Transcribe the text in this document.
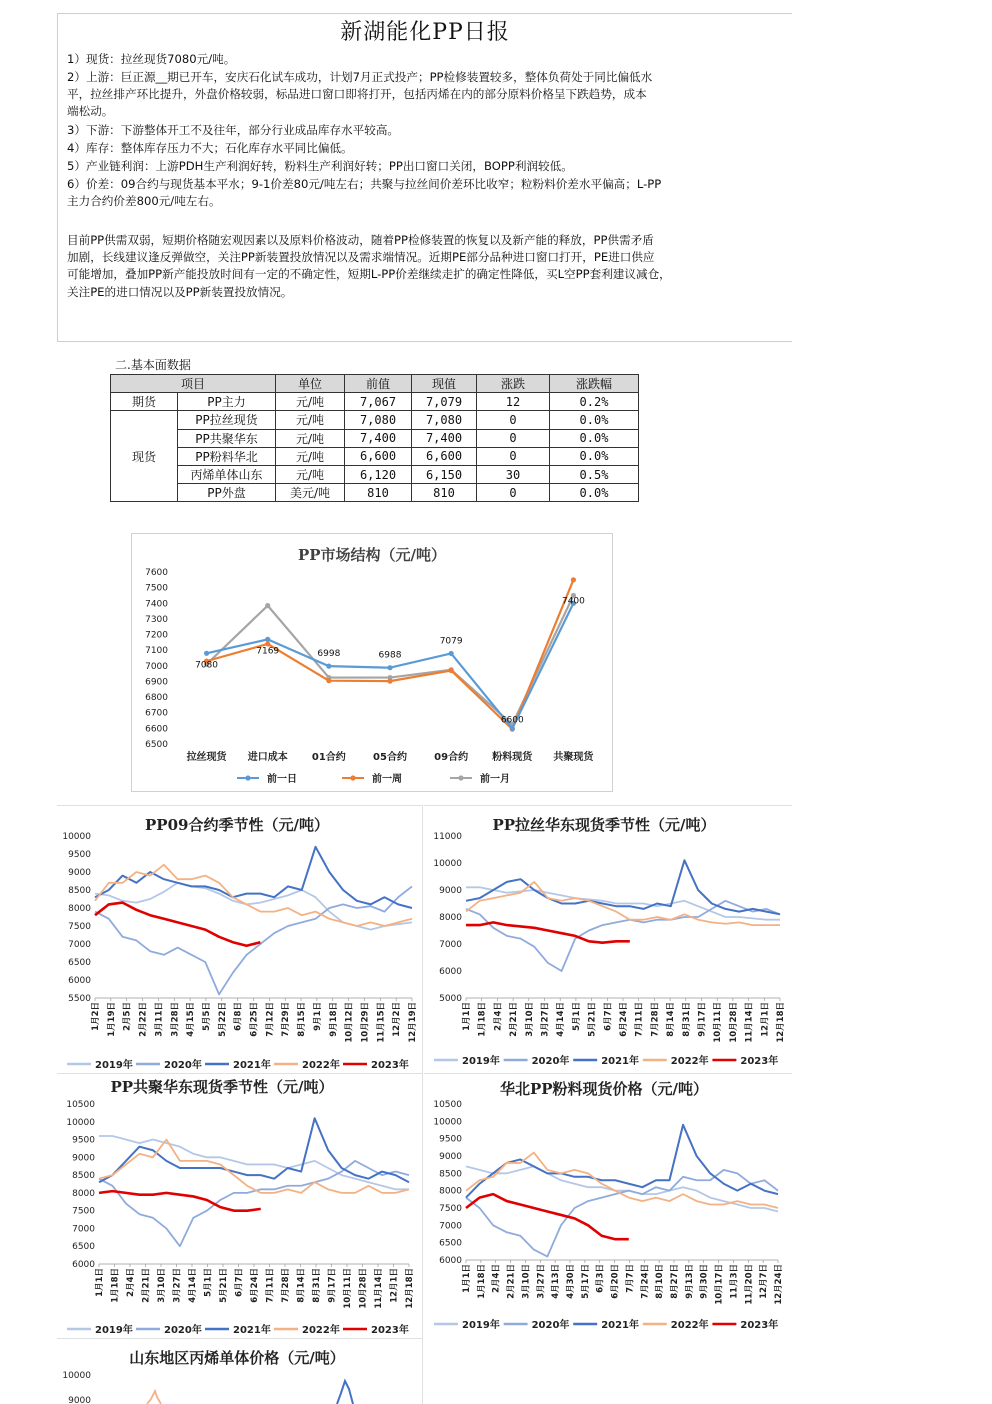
新湖能化PP日报
1）现货：拉丝现货7080元/吨。
2）上游：巨正源__期已开车，安庆石化试车成功，计划7月正式投产；PP检修装置较多，整体负荷处于同比偏低水
平，拉丝排产环比提升，外盘价格较弱，标品进口窗口即将打开，包括丙烯在内的部分原料价格呈下跌趋势，成本
端松动。
3）下游：下游整体开工不及往年，部分行业成品库存水平较高。
4）库存：整体库存压力不大；石化库存水平同比偏低。
5）产业链利润：上游PDH生产利润好转，粉料生产利润好转；PP出口窗口关闭，BOPP利润较低。
6）价差：09合约与现货基本平水；9-1价差80元/吨左右；共聚与拉丝间价差环比收窄；粒粉料价差水平偏高；L-PP
主力合约价差800元/吨左右。
目前PP供需双弱，短期价格随宏观因素以及原料价格波动，随着PP检修装置的恢复以及新产能的释放，PP供需矛盾
加剧，长线建议逢反弹做空，关注PP新装置投放情况以及需求端情况。近期PE部分品种进口窗口打开，PE进口供应
可能增加，叠加PP新产能投放时间有一定的不确定性，短期L-PP价差继续走扩的确定性降低，买L空PP套利建议减仓，
关注PE的进口情况以及PP新装置投放情况。
二.基本面数据
项目		单位	前值	现值	涨跌	涨跌幅
期货	PP主力	元/吨	7,067	7,079	12	0.2%
现货	PP拉丝现货	元/吨	7,080	7,080	0	0.0%
	PP共聚华东	元/吨	7,400	7,400	0	0.0%
	PP粉料华北	元/吨	6,600	6,600	0	0.0%
	丙烯单体山东	元/吨	6,120	6,150	30	0.5%
	PP外盘	美元/吨	810	810	0	0.0%
PP市场结构（元/吨）
6500
6600
6700
6800
6900
7000
7100
7200
7300
7400
7500
7600
拉丝现货 进口成本 01合约	05合约	09合约 粉料现货 共聚现货
7080
7169	6998	6988
7079
6600
7400
前一日	前一周	前一月
PP09合约季节性（元/吨）
5500
6000
6500
7000
7500
8000
8500
9000
9500
10000
1月2日 1月19日 2月5日 2月22日 3月11日 3月28日 4月15日 5月5日 5月22日 6月8日 6月25日 7月12日 7月29日 8月15日 9月1日 9月18日 10月12日 10月29日 11月15日 12月2日 12月19日
2019年	2020年	2021年	2022年	2023年
PP拉丝华东现货季节性（元/吨）
5000
6000
7000
8000
9000
10000
11000
1月1日 1月18日 2月4日 2月21日 3月10日 3月27日 4月14日 5月1日 5月21日 6月7日 6月24日 7月11日 7月28日 8月14日 8月31日 9月17日 10月11日 10月28日 11月14日 12月1日 12月18日
2019年	2020年	2021年	2022年	2023年
PP共聚华东现货季节性（元/吨）
6000
6500
7000
7500
8000
8500
9000
9500
10000
10500
1月1日 1月18日 2月4日 2月21日 3月10日 3月27日 4月14日 5月1日 5月21日 6月7日 6月24日 7月11日 7月28日 8月14日 8月31日 9月17日 10月11日 10月28日 11月14日 12月1日 12月18日
2019年	2020年	2021年	2022年	2023年
华北PP粉料现货价格（元/吨）
6000
6500
7000
7500
8000
8500
9000
9500
10000
10500
1月1日 1月18日 2月4日 2月21日 3月10日 3月27日 4月13日 4月30日 5月17日 6月3日 6月20日 7月7日 7月24日 8月10日 8月27日 9月13日 9月30日 10月17日 11月3日 11月20日 12月7日 12月24日
2019年	2020年	2021年	2022年	2023年
山东地区丙烯单体价格（元/吨）
10000
9000
